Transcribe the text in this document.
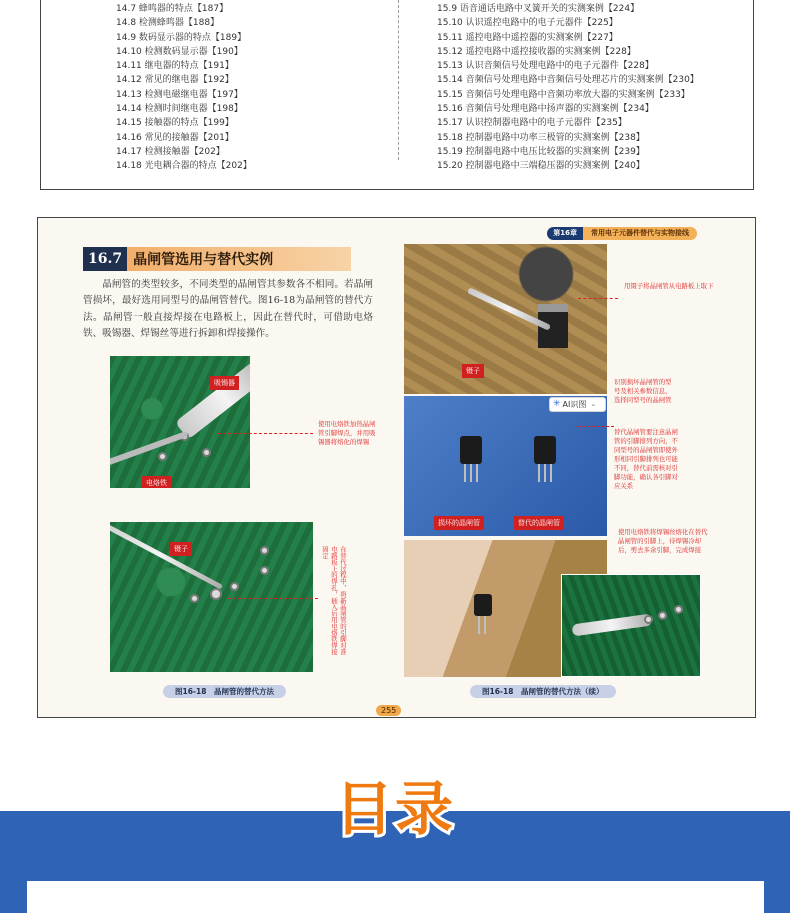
14.7 蜂鸣器的特点【187】
14.8 检测蜂鸣器【188】
14.9 数码显示器的特点【189】
14.10 检测数码显示器【190】
14.11 继电器的特点【191】
14.12 常见的继电器【192】
14.13 检测电磁继电器【197】
14.14 检测时间继电器【198】
14.15 接触器的特点【199】
14.16 常见的接触器【201】
14.17 检测接触器【202】
14.18 光电耦合器的特点【202】
15.9 语音通话电路中叉簧开关的实测案例【224】
15.10 认识遥控电路中的电子元器件【225】
15.11 遥控电路中遥控器的实测案例【227】
15.12 遥控电路中遥控接收器的实测案例【228】
15.13 认识音频信号处理电路中的电子元器件【228】
15.14 音频信号处理电路中音频信号处理芯片的实测案例【230】
15.15 音频信号处理电路中音频功率放大器的实测案例【233】
15.16 音频信号处理电路中扬声器的实测案例【234】
15.17 认识控制器电路中的电子元器件【235】
15.18 控制器电路中功率三极管的实测案例【238】
15.19 控制器电路中电压比较器的实测案例【239】
15.20 控制器电路中三端稳压器的实测案例【240】
第16章	常用电子元器件替代与实物接线
16.7 晶闸管选用与替代实例

晶闸管的类型较多，不同类型的晶闸管其参数各不相同。若晶闸管损坏，最好选用同型号的晶闸管替代。图16-18为晶闸管的替代方法。晶闸管一般直接焊接在电路板上，因此在替代时，可借助电烙铁、吸锡器、焊锡丝等进行拆卸和焊接操作。

吸锡器
电烙铁
使用电烙铁加热晶闸管引脚焊点，并用吸锡器将熔化的焊锡
镊子	在替代过程中，将新晶闸管的引脚对准电路板上的焊孔，插入后用电烙铁焊接固定
图16-18　晶闸管的替代方法
镊子
用镊子将晶闸管从电路板上取下
损坏的晶闸管	替代的晶闸管
识别损坏晶闸管的型号及相关参数信息，选择同型号的晶闸管
替代晶闸管要注意晶闸管的引脚排列方向，不同型号的晶闸管即使外形相同引脚排列也可能不同，替代前需核对引脚功能，确认各引脚对应关系
✳ AI识图 ⌄
使用电烙铁将焊锡丝熔化在替代晶闸管的引脚上，待焊锡冷却后，剪去多余引脚，完成焊接
图16-18　晶闸管的替代方法（续）
255
目录
